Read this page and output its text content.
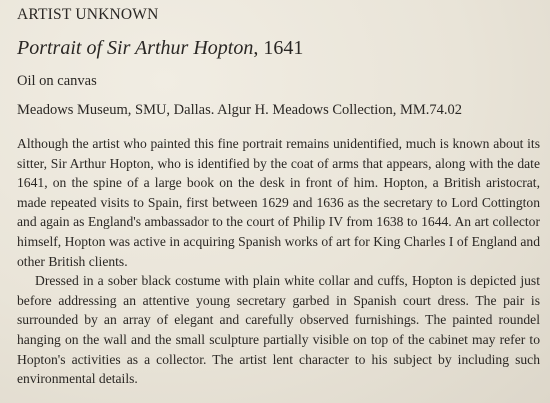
ARTIST UNKNOWN

Portrait of Sir Arthur Hopton, 1641

Oil on canvas

Meadows Museum, SMU, Dallas. Algur H. Meadows Collection, MM.74.02

Although the artist who painted this fine portrait remains unidentified, much is known about its sitter, Sir Arthur Hopton, who is identified by the coat of arms that appears, along with the date 1641, on the spine of a large book on the desk in front of him. Hopton, a British aristocrat, made repeated visits to Spain, first between 1629 and 1636 as the secretary to Lord Cottington and again as England's ambassador to the court of Philip IV from 1638 to 1644. An art collector himself, Hopton was active in acquiring Spanish works of art for King Charles I of England and other British clients.

Dressed in a sober black costume with plain white collar and cuffs, Hopton is depicted just before addressing an attentive young secretary garbed in Spanish court dress. The pair is surrounded by an array of elegant and carefully observed furnishings. The painted roundel hanging on the wall and the small sculpture partially visible on top of the cabinet may refer to Hopton's activities as a collector. The artist lent character to his subject by including such environmental details.
